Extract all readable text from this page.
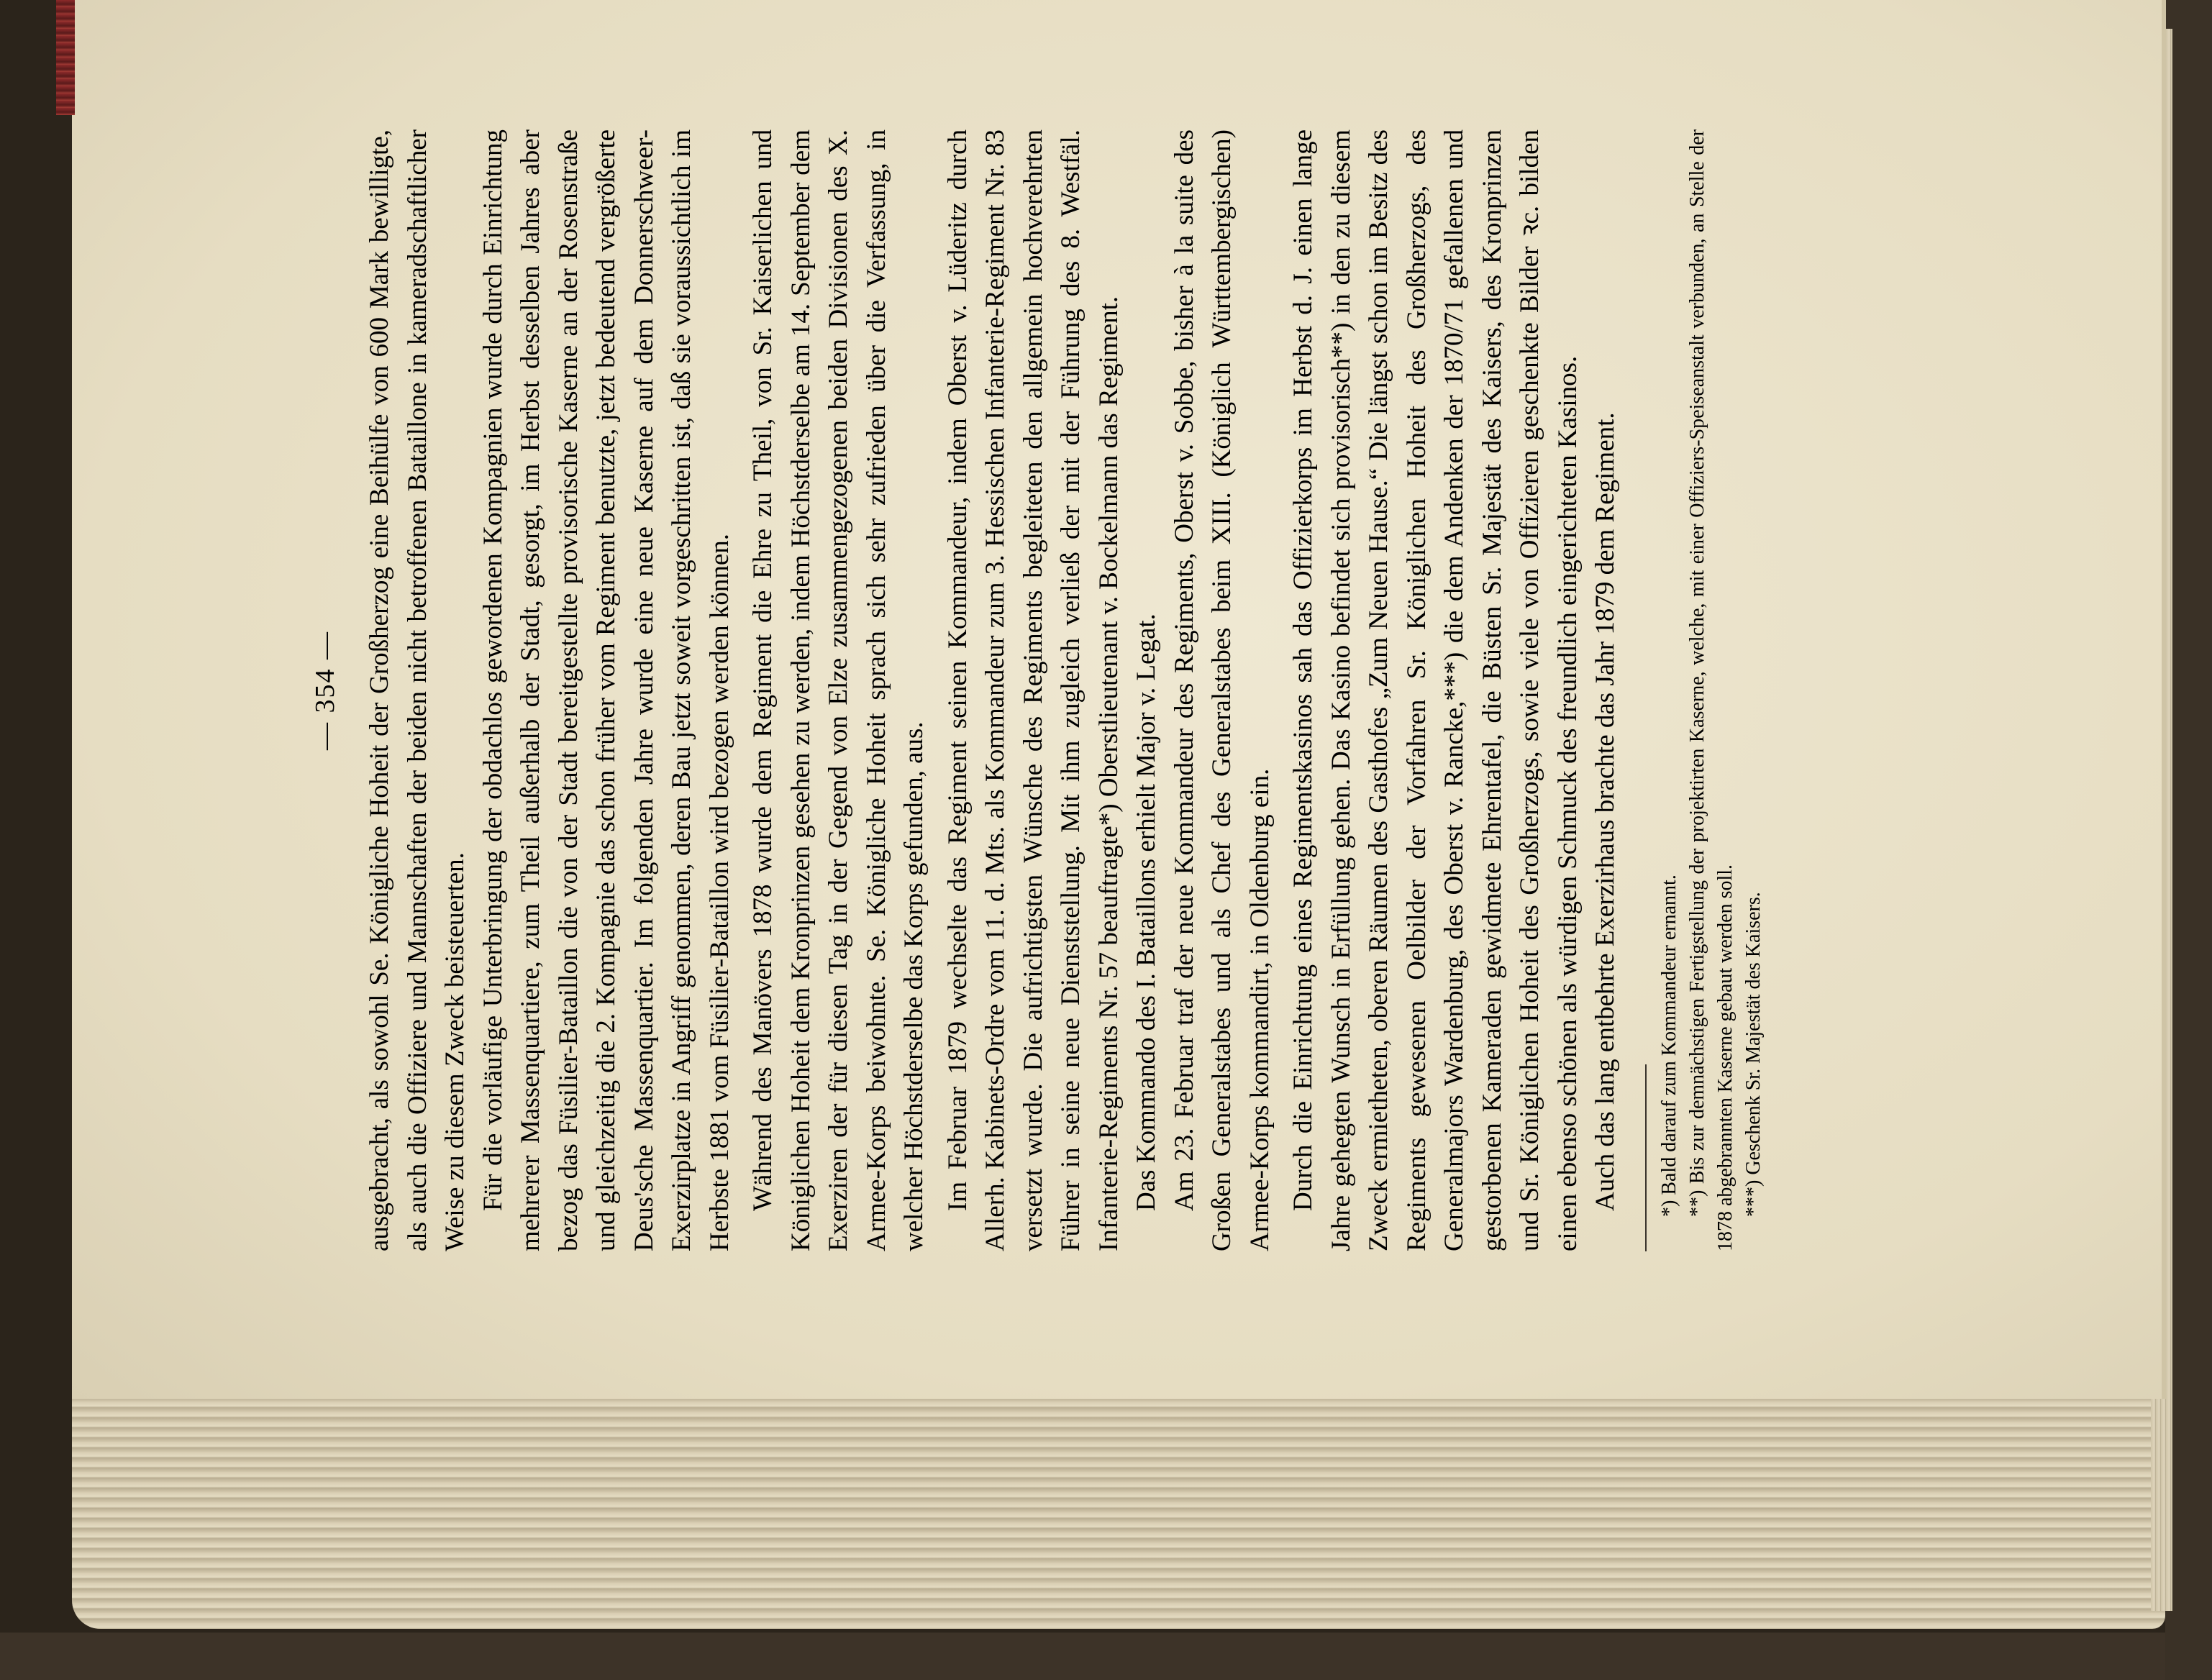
— 354 — ausgebracht, als sowohl Se. Königliche Hoheit der Großherzog eine Beihülfe von 600 Mark bewilligte, als auch die Offiziere und Mannschaften der beiden nicht betroffenen Bataillone in kameradschaftlicher Weise zu diesem Zweck beisteuerten. Für die vorläufige Unterbringung der obdachlos gewordenen Kompagnien wurde durch Einrichtung mehrerer Massenquartiere, zum Theil außerhalb der Stadt, gesorgt, im Herbst desselben Jahres aber bezog das Füsilier-Bataillon die von der Stadt bereitgestellte provisorische Kaserne an der Rosenstraße und gleichzeitig die 2. Kompagnie das schon früher vom Regiment benutzte, jetzt bedeutend vergrößerte Deus'sche Massenquartier. Im folgenden Jahre wurde eine neue Kaserne auf dem Donnerschweer-Exerzirplatze in Angriff genommen, deren Bau jetzt soweit vorgeschritten ist, daß sie voraussichtlich im Herbste 1881 vom Füsilier-Bataillon wird bezogen werden können. Während des Manövers 1878 wurde dem Regiment die Ehre zu Theil, von Sr. Kaiserlichen und Königlichen Hoheit dem Kronprinzen gesehen zu werden, indem Höchstderselbe am 14. September dem Exerziren der für diesen Tag in der Gegend von Elze zusammengezogenen beiden Divisionen des X. Armee-Korps beiwohnte. Se. Königliche Hoheit sprach sich sehr zufrieden über die Verfassung, in welcher Höchstderselbe das Korps gefunden, aus. Im Februar 1879 wechselte das Regiment seinen Kommandeur, indem Oberst v. Lüderitz durch Allerh. Kabinets-Ordre vom 11. d. Mts. als Kommandeur zum 3. Hessischen Infanterie-Regiment Nr. 83 versetzt wurde. Die aufrichtigsten Wünsche des Regiments begleiteten den allgemein hochverehrten Führer in seine neue Dienststellung. Mit ihm zugleich verließ der mit der Führung des 8. Westfäl. Infanterie-Regiments Nr. 57 beauftragte*) Oberstlieutenant v. Bockelmann das Regiment. Das Kommando des I. Bataillons erhielt Major v. Legat. Am 23. Februar traf der neue Kommandeur des Regiments, Oberst v. Sobbe, bisher à la suite des Großen Generalstabes und als Chef des Generalstabes beim XIII. (Königlich Württembergischen) Armee-Korps kommandirt, in Oldenburg ein. Durch die Einrichtung eines Regimentskasinos sah das Offizierkorps im Herbst d. J. einen lange Jahre gehegten Wunsch in Erfüllung gehen. Das Kasino befindet sich provisorisch**) in den zu diesem Zweck ermietheten, oberen Räumen des Gasthofes „Zum Neuen Hause.“ Die längst schon im Besitz des Regiments gewesenen Oelbilder der Vorfahren Sr. Königlichen Hoheit des Großherzogs, des Generalmajors Wardenburg, des Oberst v. Rancke,***) die dem Andenken der 1870/71 gefallenen und gestorbenen Kameraden gewidmete Ehrentafel, die Büsten Sr. Majestät des Kaisers, des Kronprinzen und Sr. Königlichen Hoheit des Großherzogs, sowie viele von Offizieren geschenkte Bilder ꝛc. bilden einen ebenso schönen als würdigen Schmuck des freundlich eingerichteten Kasinos. Auch das lang entbehrte Exerzirhaus brachte das Jahr 1879 dem Regiment. *) Bald darauf zum Kommandeur ernannt. **) Bis zur demnächstigen Fertigstellung der projektirten Kaserne, welche, mit einer Offiziers-Speiseanstalt verbunden, an Stelle der 1878 abgebrannten Kaserne gebaut werden soll. ***) Geschenk Sr. Majestät des Kaisers.
